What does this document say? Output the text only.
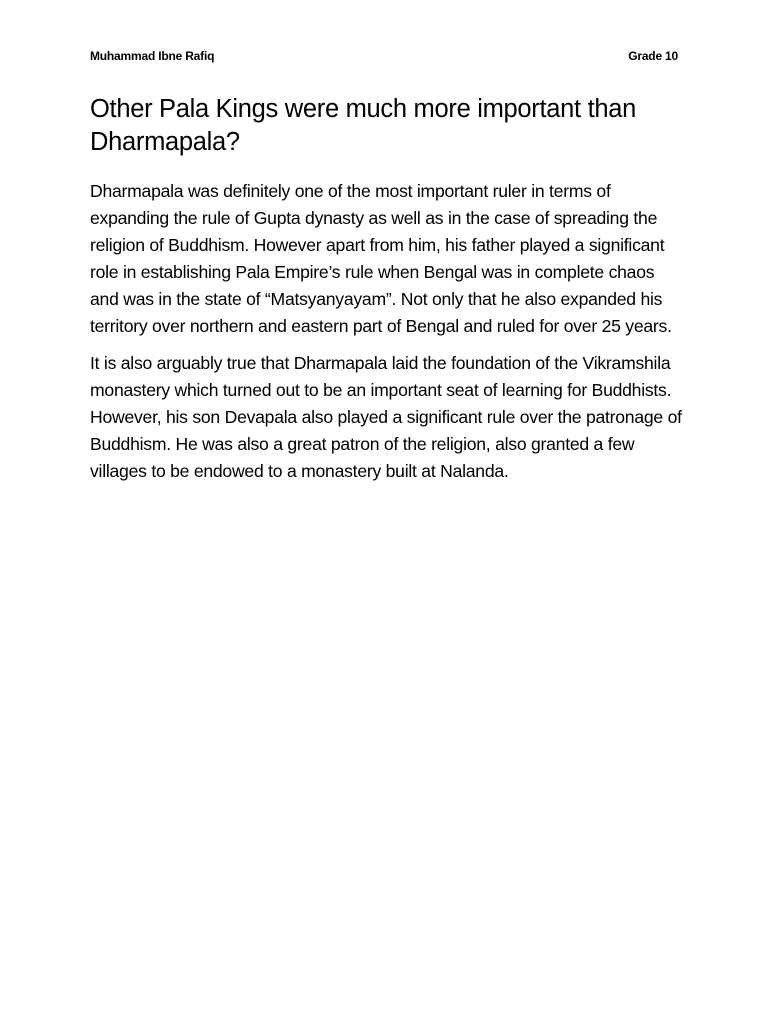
Muhammad Ibne Rafiq	Grade 10
Other Pala Kings were much more important than Dharmapala?

Dharmapala was definitely one of the most important ruler in terms of expanding the rule of Gupta dynasty as well as in the case of spreading the religion of Buddhism. However apart from him, his father played a significant role in establishing Pala Empire’s rule when Bengal was in complete chaos and was in the state of “Matsyanyayam”. Not only that he also expanded his territory over northern and eastern part of Bengal and ruled for over 25 years.

It is also arguably true that Dharmapala laid the foundation of the Vikramshila monastery which turned out to be an important seat of learning for Buddhists. However, his son Devapala also played a significant rule over the patronage of Buddhism. He was also a great patron of the religion, also granted a few villages to be endowed to a monastery built at Nalanda.
